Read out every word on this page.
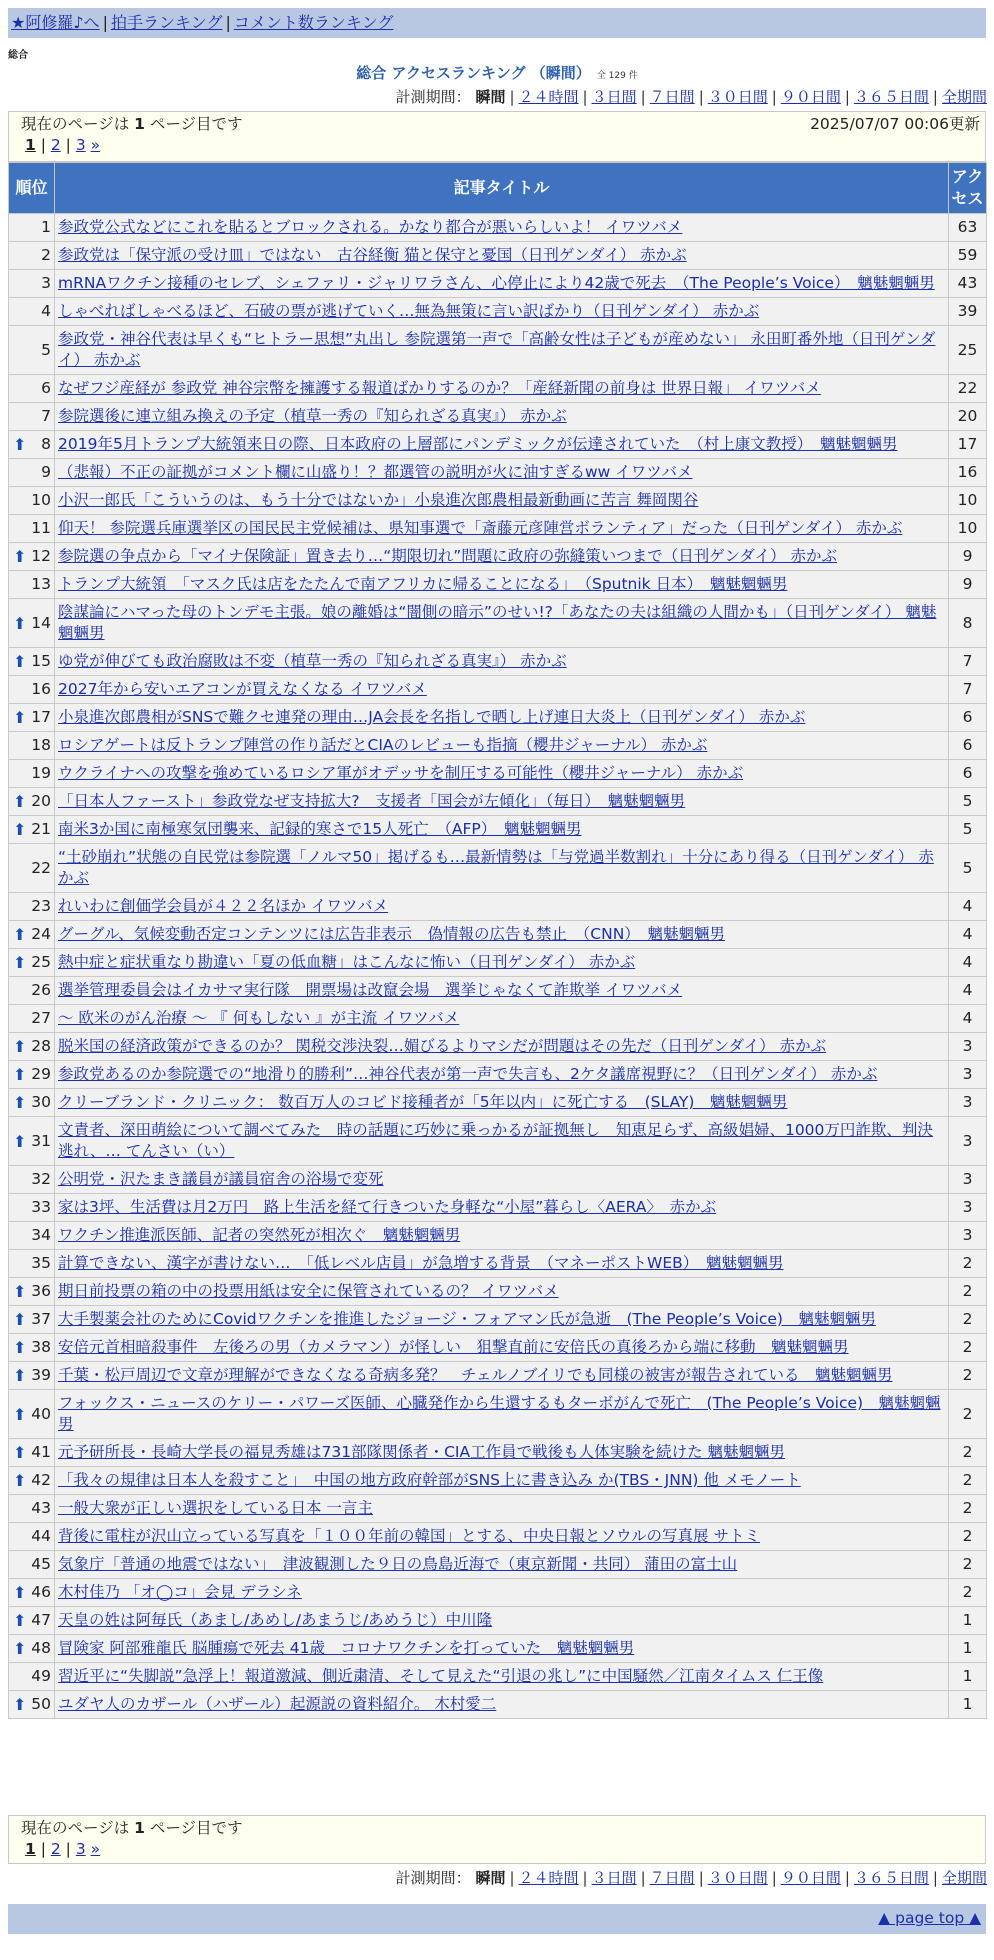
★阿修羅♪へ | 拍手ランキング | コメント数ランキング
総合
総合 アクセスランキング （瞬間） 全 129 件
計測期間： 瞬間 | ２４時間 | ３日間 | ７日間 | ３０日間 | ９０日間 | ３６５日間 | 全期間
現在のページは 1 ページ目です	2025/07/07 00:06更新
1 | 2 | 3 »
順位	記事タイトル	アクセス
1	参政党公式などにこれを貼るとブロックされる。かなり都合が悪いらしいよ！ イワツバメ	63
2	参政党は「保守派の受け皿」ではない　古谷経衡 猫と保守と憂国（日刊ゲンダイ） 赤かぶ	59
3	mRNAワクチン接種のセレブ、シェファリ・ジャリワラさん、心停止により42歳で死去　（The People’s Voice）　魑魅魍魎男	43
4	しゃべればしゃべるほど、石破の票が逃げていく…無為無策に言い訳ばかり（日刊ゲンダイ） 赤かぶ	39
5	参政党・神谷代表は早くも“ヒトラー思想”丸出し 参院選第一声で「高齢女性は子どもが産めない」 永田町番外地（日刊ゲンダイ） 赤かぶ	25
6	なぜフジ産経が 参政党 神谷宗幣を擁護する報道ばかりするのか？「産経新聞の前身は 世界日報」 イワツバメ	22
7	参院選後に連立組み換えの予定（植草一秀の『知られざる真実』） 赤かぶ	20

⬆ 8	2019年5月トランプ大統領来日の際、日本政府の上層部にパンデミックが伝達されていた　（村上康文教授）　魑魅魍魎男	17
9	（悲報）不正の証拠がコメント欄に山盛り！？都選管の説明が火に油すぎるww イワツバメ	16
10	小沢一郎氏「こういうのは、もう十分ではないか」小泉進次郎農相最新動画に苦言 舞岡関谷	10
11	仰天！ 参院選兵庫選挙区の国民民主党候補は、県知事選で「斎藤元彦陣営ボランティア」だった（日刊ゲンダイ） 赤かぶ	10

⬆ 12	参院選の争点から「マイナ保険証」置き去り…“期限切れ”問題に政府の弥縫策いつまで（日刊ゲンダイ） 赤かぶ	9
13	トランプ大統領　「マスク氏は店をたたんで南アフリカに帰ることになる」　（Sputnik 日本）　魑魅魍魎男	9

⬆ 14	陰謀論にハマった母のトンデモ主張。娘の離婚は“闇側の暗示”のせい!?「あなたの夫は組織の人間かも」（日刊ゲンダイ） 魑魅魍魎男	8

⬆ 15	ゆ党が伸びても政治腐敗は不変（植草一秀の『知られざる真実』） 赤かぶ	7
16	2027年から安いエアコンが買えなくなる イワツバメ	7

⬆ 17	小泉進次郎農相がSNSで難クセ連発の理由…JA会長を名指しで晒し上げ連日大炎上（日刊ゲンダイ） 赤かぶ	6
18	ロシアゲートは反トランプ陣営の作り話だとCIAのレビューも指摘（櫻井ジャーナル） 赤かぶ	6
19	ウクライナへの攻撃を強めているロシア軍がオデッサを制圧する可能性（櫻井ジャーナル） 赤かぶ	6

⬆ 20	「日本人ファースト」参政党なぜ支持拡大?　支援者「国会が左傾化」（毎日）　魑魅魍魎男	5

⬆ 21	南米3か国に南極寒気団襲来、記録的寒さで15人死亡　（AFP）　魑魅魍魎男	5
22	“土砂崩れ”状態の自民党は参院選「ノルマ50」掲げるも…最新情勢は「与党過半数割れ」十分にあり得る（日刊ゲンダイ） 赤かぶ	5
23	れいわに創価学会員が４２２名ほか イワツバメ	4

⬆ 24	グーグル、気候変動否定コンテンツには広告非表示　偽情報の広告も禁止　（CNN）　魑魅魍魎男	4

⬆ 25	熱中症と症状重なり勘違い「夏の低血糖」はこんなに怖い（日刊ゲンダイ） 赤かぶ	4
26	選挙管理委員会はイカサマ実行隊　開票場は改竄会場　選挙じゃなくて詐欺挙 イワツバメ	4
27	～ 欧米のがん治療 ～ 『 何もしない 』が主流 イワツバメ	4

⬆ 28	脱米国の経済政策ができるのか？ 関税交渉決裂…媚びるよりマシだが問題はその先だ（日刊ゲンダイ） 赤かぶ	3

⬆ 29	参政党あるのか参院選での“地滑り的勝利”…神谷代表が第一声で失言も、2ケタ議席視野に？（日刊ゲンダイ） 赤かぶ	3

⬆ 30	クリーブランド・クリニック： 数百万人のコビド接種者が「5年以内」に死亡する　(SLAY)　魑魅魍魎男	3

⬆ 31	文責者、深田萌絵について調べてみた　時の話題に巧妙に乗っかるが証拠無し　知恵足らず、高級娼婦、1000万円詐欺、判決逃れ、… てんさい（い）	3
32	公明党・沢たまき議員が議員宿舎の浴場で変死	3
33	家は3坪、生活費は月2万円　路上生活を経て行きついた身軽な“小屋”暮らし〈AERA〉　赤かぶ	3
34	ワクチン推進派医師、記者の突然死が相次ぐ　魑魅魍魎男	3
35	計算できない、漢字が書けない…　「低レベル店員」が急増する背景　（マネーポストWEB）　魑魅魍魎男	2

⬆ 36	期日前投票の箱の中の投票用紙は安全に保管されているの？ イワツバメ	2

⬆ 37	大手製薬会社のためにCovidワクチンを推進したジョージ・フォアマン氏が急逝　(The People’s Voice)　魑魅魍魎男	2

⬆ 38	安倍元首相暗殺事件　左後ろの男（カメラマン）が怪しい　狙撃直前に安倍氏の真後ろから端に移動　魑魅魍魎男	2

⬆ 39	千葉・松戸周辺で文章が理解ができなくなる奇病多発？　チェルノブイリでも同様の被害が報告されている　魑魅魍魎男	2

⬆ 40	フォックス・ニュースのケリー・パワーズ医師、心臓発作から生還するもターボがんで死亡　(The People’s Voice)　魑魅魍魎男	2

⬆ 41	元予研所長・長崎大学長の福見秀雄は731部隊関係者・CIA工作員で戦後も人体実験を続けた 魑魅魍魎男	2

⬆ 42	「我々の規律は日本人を殺すこと」　中国の地方政府幹部がSNS上に書き込み か(TBS・JNN) 他 メモノート	2
43	一般大衆が正しい選択をしている日本 一言主	2
44	背後に電柱が沢山立っている写真を「１００年前の韓国」とする、中央日報とソウルの写真展 サトミ	2
45	気象庁「普通の地震ではない」　津波観測した９日の鳥島近海で（東京新聞・共同） 蒲田の富士山	2

⬆ 46	木村佳乃 「オ◯コ」会見 デラシネ	2

⬆ 47	天皇の姓は阿毎氏（あまし/あめし/あまうじ/あめうじ）中川隆	1

⬆ 48	冒険家 阿部雅龍氏 脳腫瘍で死去 41歳　コロナワクチンを打っていた　魑魅魍魎男	1
49	習近平に“失脚説”急浮上！報道激減、側近粛清、そして見えた“引退の兆し”に中国騒然／江南タイムス 仁王像	1

⬆ 50	ユダヤ人のカザール（ハザール）起源説の資料紹介。 木村愛二	1
現在のページは 1 ページ目です
1 | 2 | 3 »
計測期間： 瞬間 | ２４時間 | ３日間 | ７日間 | ３０日間 | ９０日間 | ３６５日間 | 全期間
▲ page top ▲
